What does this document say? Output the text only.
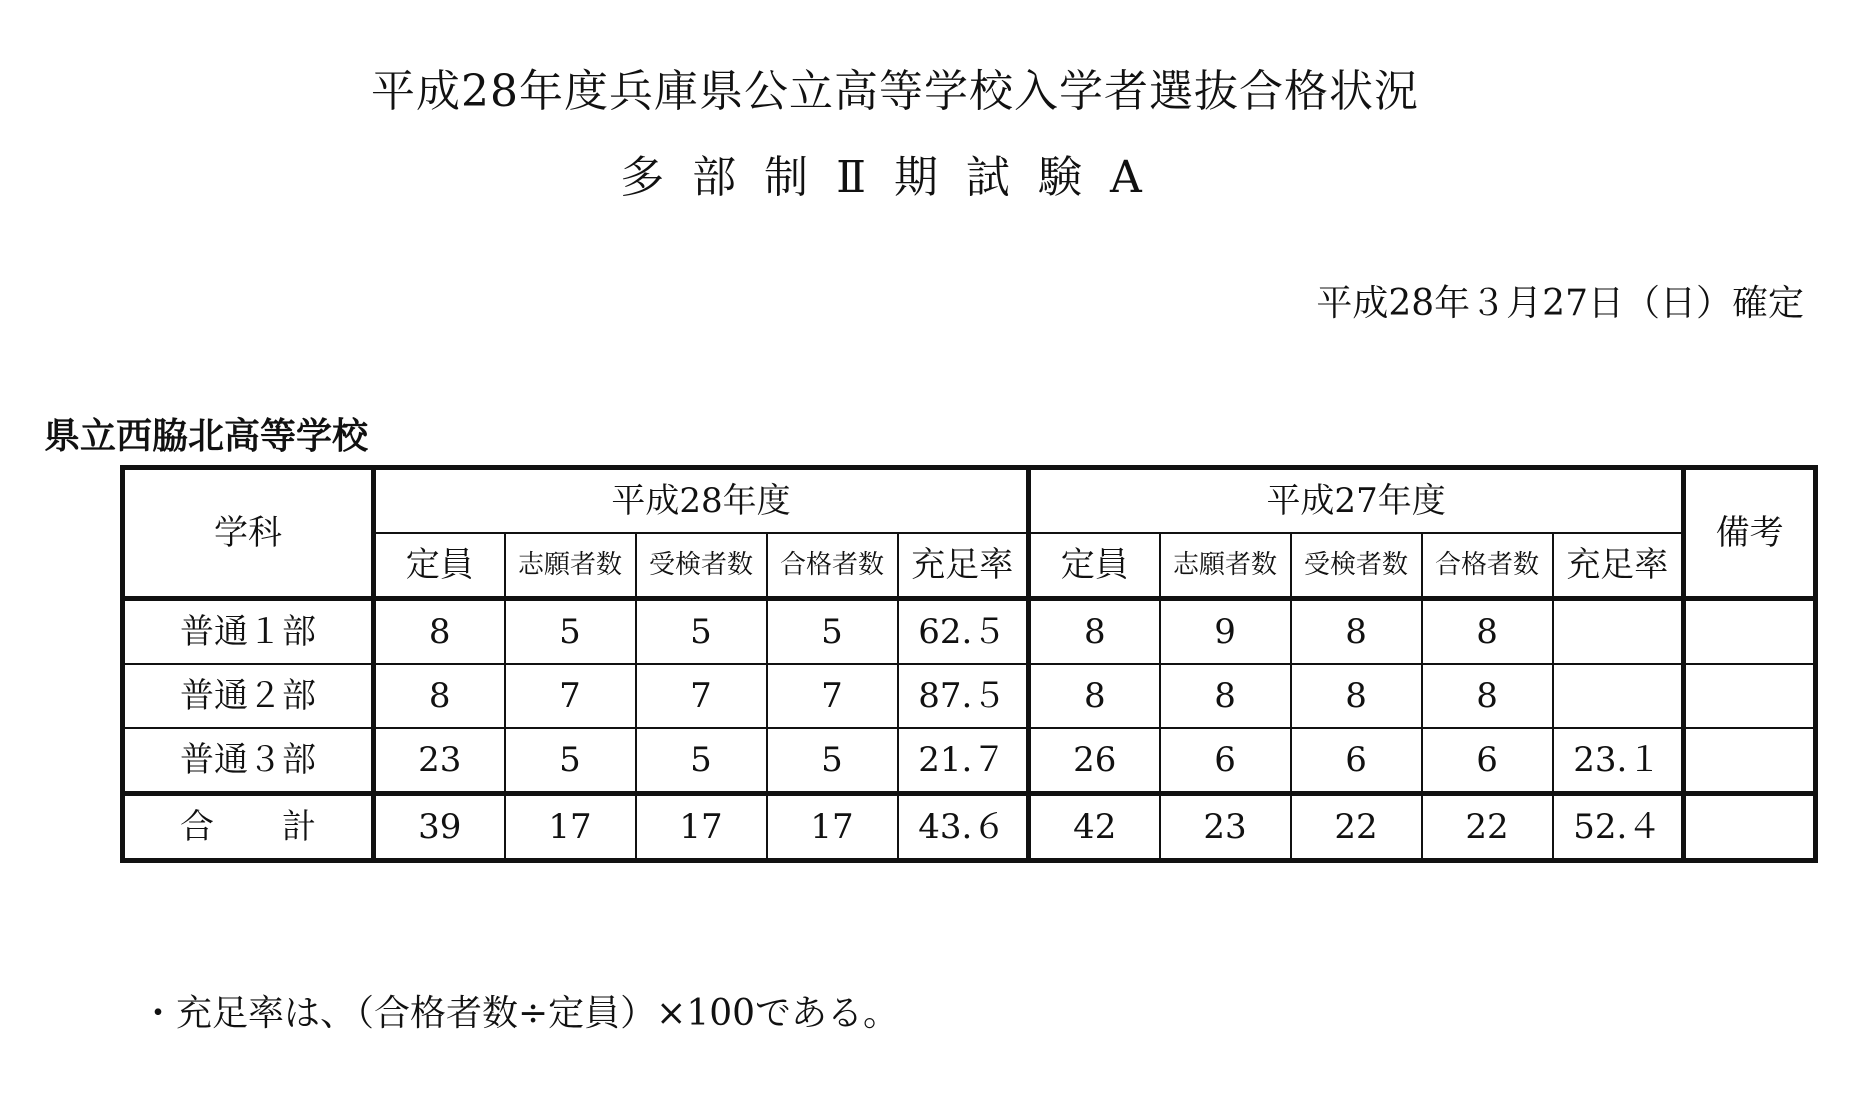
平成28年度兵庫県公立高等学校入学者選抜合格状況
多部制Ⅱ期試験A
平成28年３月27日（日）確定
県立西脇北高等学校
学科	平成28年度					平成27年度					備考
	定員	志願者数	受検者数	合格者数	充足率	定員	志願者数	受検者数	合格者数	充足率	
普通１部	8	5	5	5	62.５	8	9	8	8		
普通２部	8	7	7	7	87.５	8	8	8	8		
普通３部	23	5	5	5	21.７	26	6	6	6	23.１	
合　　計	39	17	17	17	43.６	42	23	22	22	52.４	
・充足率は、（合格者数÷定員）×100である。
